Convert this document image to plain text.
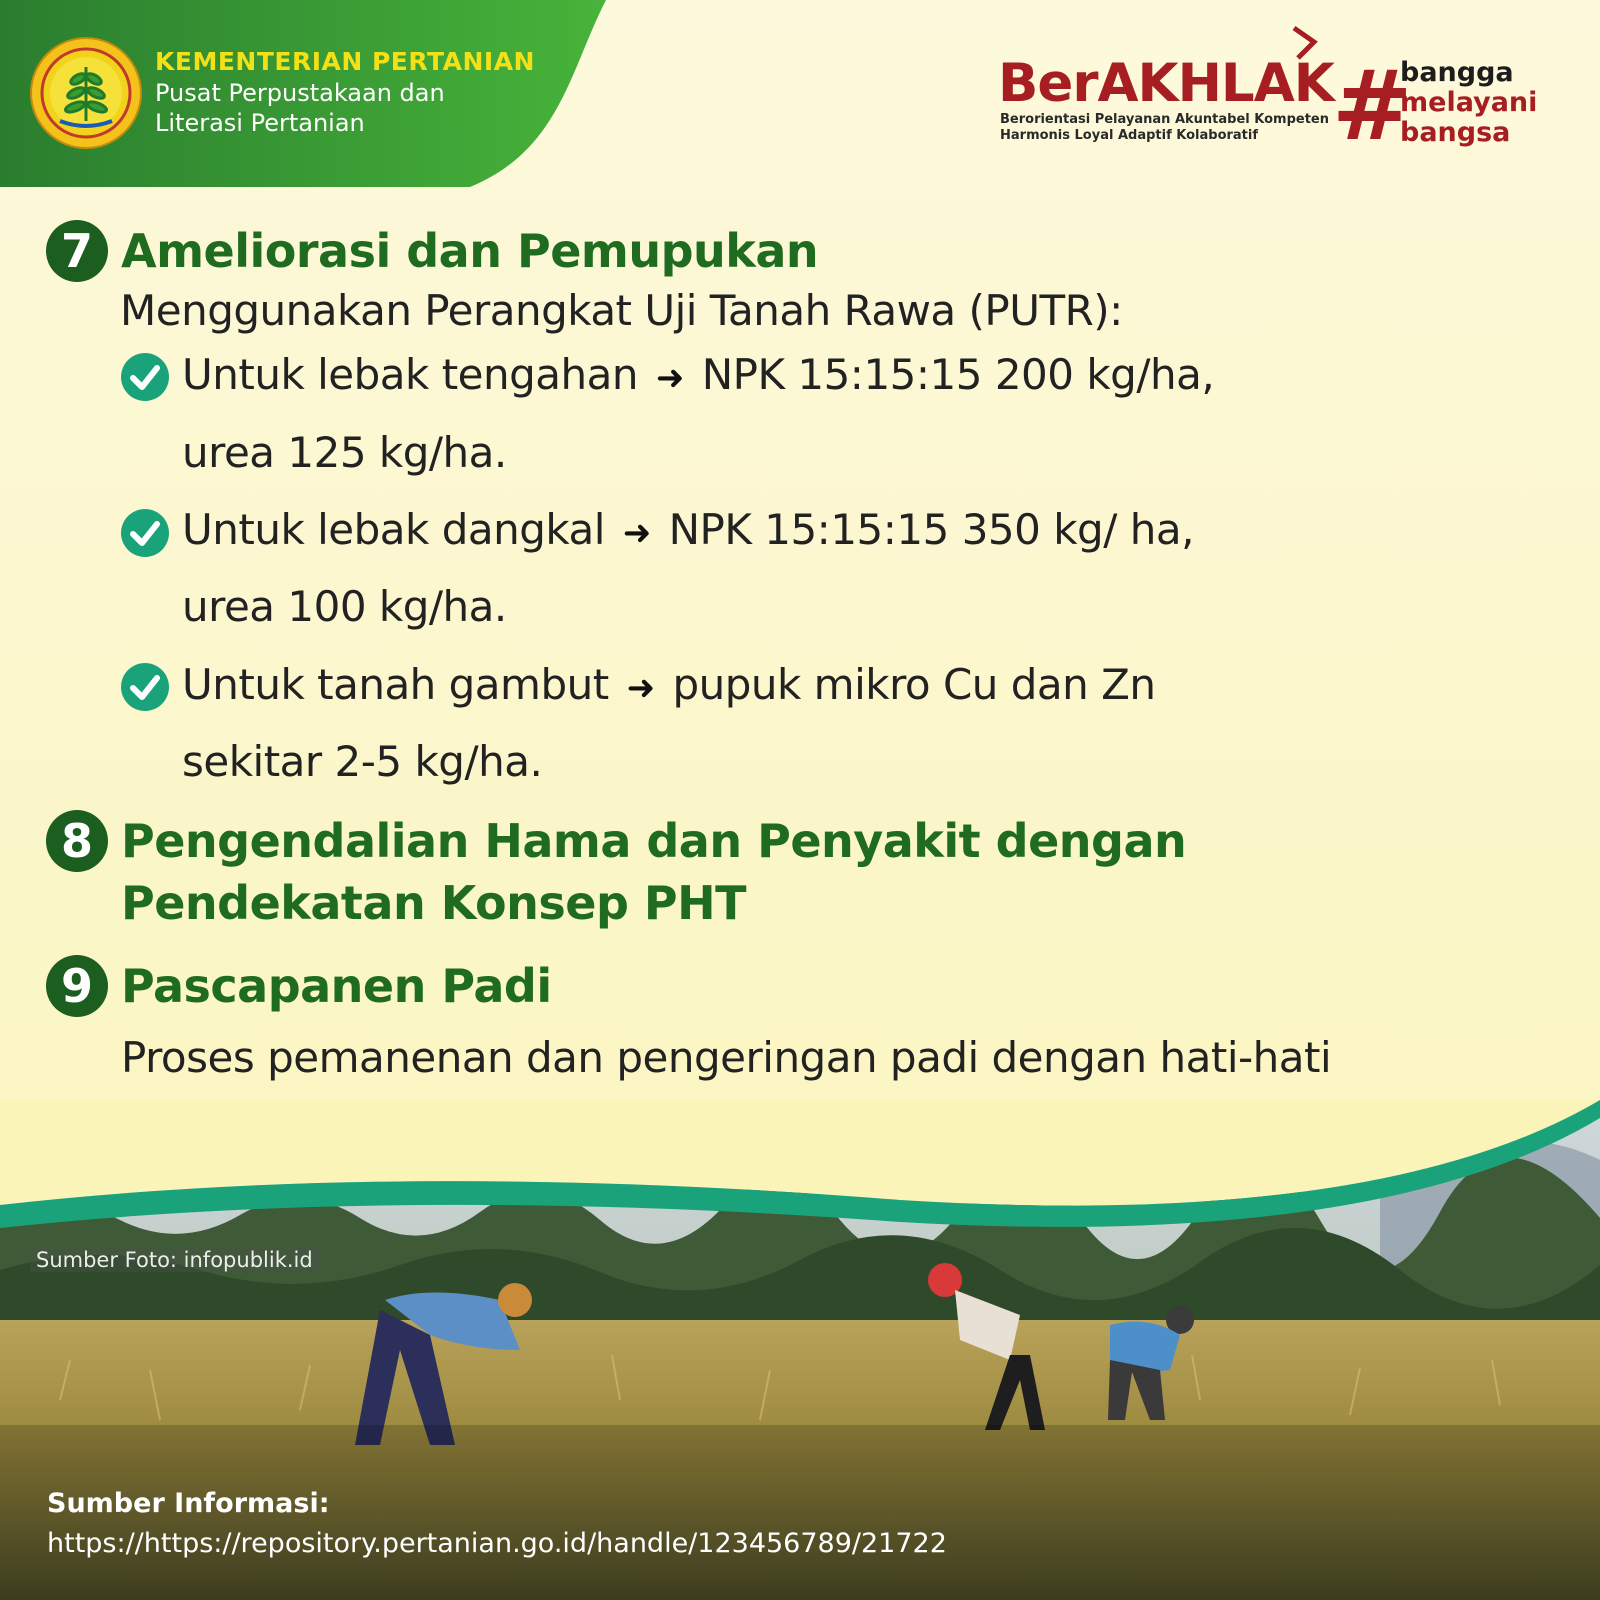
KEMENTERIAN PERTANIAN
Pusat Perpustakaan dan
Literasi Pertanian
BerAKHLAK
Berorientasi Pelayanan Akuntabel Kompeten
Harmonis Loyal Adaptif Kolaboratif #
bangga
melayani
bangsa
7 Ameliorasi dan Pemupukan
Menggunakan Perangkat Uji Tanah Rawa (PUTR):
Untuk lebak tengahan ➜ NPK 15:15:15 200 kg/ha,
urea 125 kg/ha.
Untuk lebak dangkal ➜ NPK 15:15:15 350 kg/ ha,
urea 100 kg/ha.
Untuk tanah gambut ➜ pupuk mikro Cu dan Zn
sekitar 2-5 kg/ha.
8 Pengendalian Hama dan Penyakit dengan
Pendekatan Konsep PHT
9 Pascapanen Padi
Proses pemanenan dan pengeringan padi dengan hati-hati
Sumber Foto: infopublik.id
Sumber Informasi:
https://https://repository.pertanian.go.id/handle/123456789/21722
